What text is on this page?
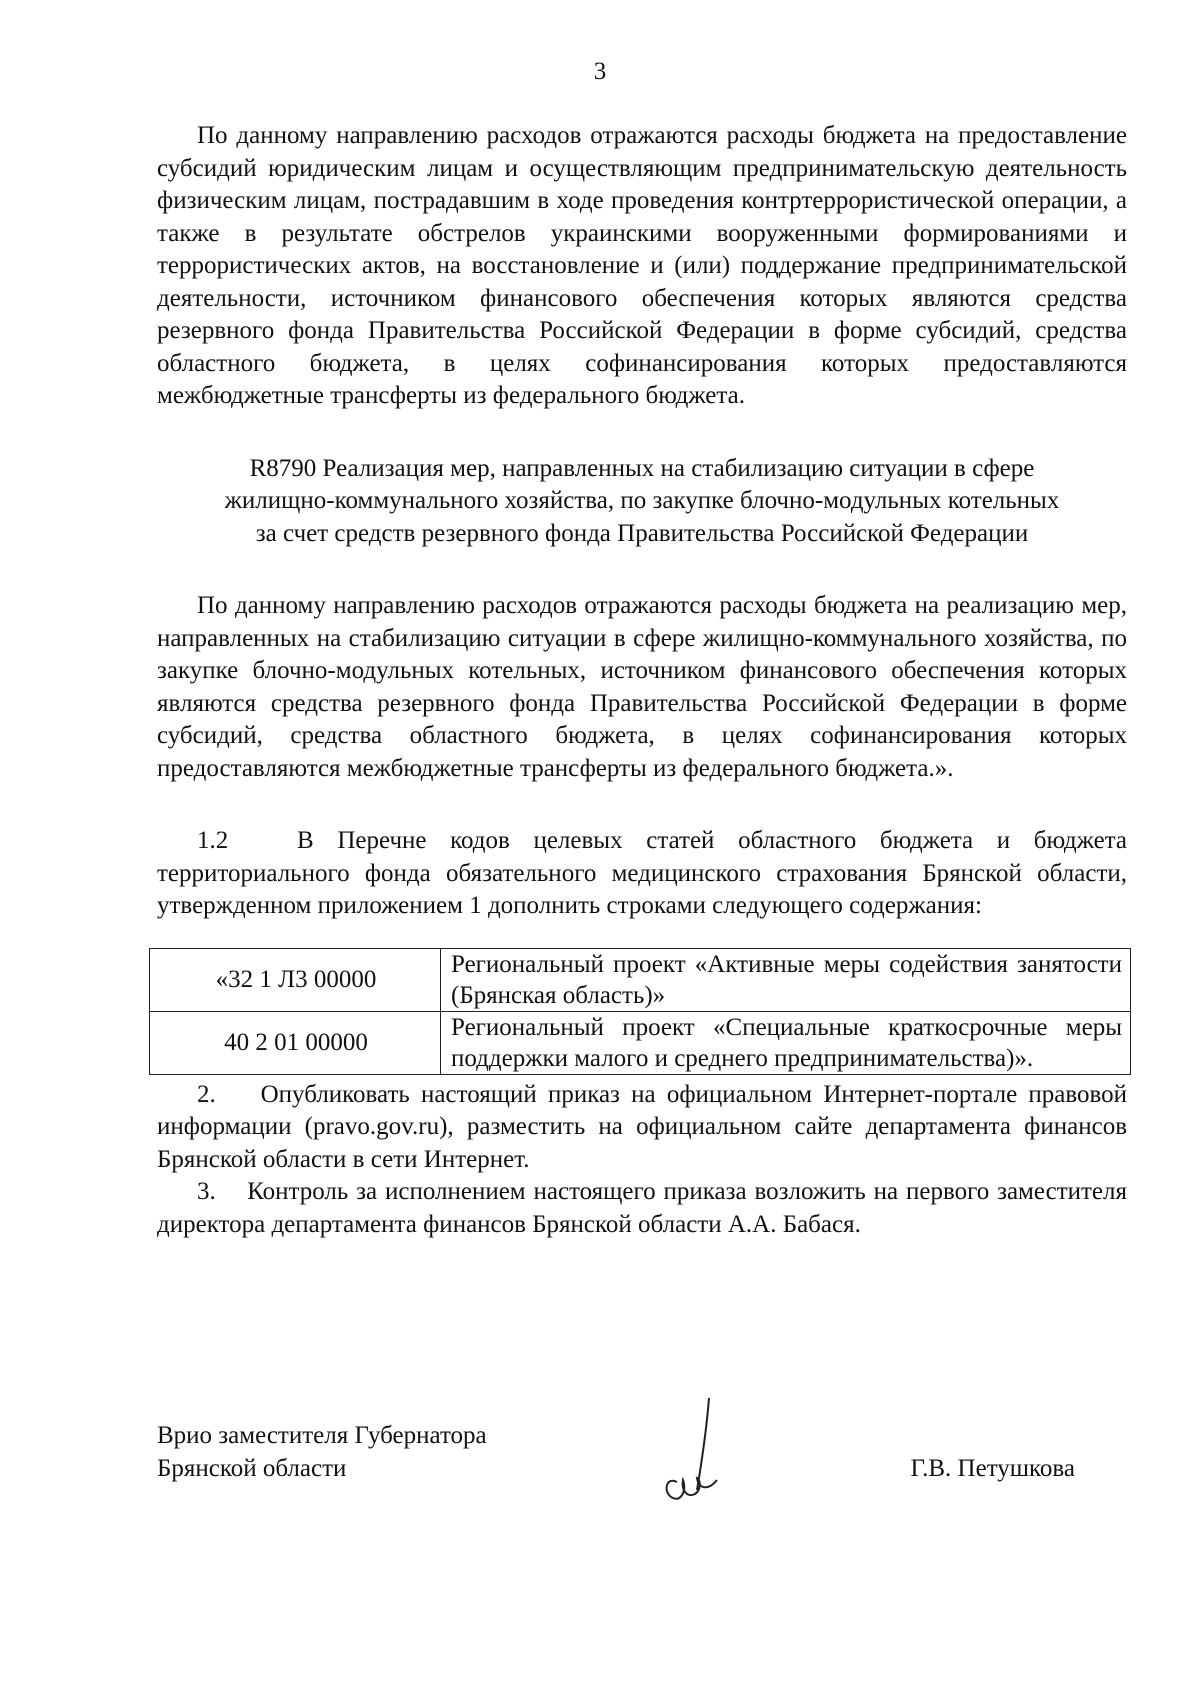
3

По данному направлению расходов отражаются расходы бюджета на предоставление субсидий юридическим лицам и осуществляющим предпринимательскую деятельность физическим лицам, пострадавшим в ходе проведения контртеррористической операции, а также в результате обстрелов украинскими вооруженными формированиями и террористических актов, на восстановление и (или) поддержание предпринимательской деятельности, источником финансового обеспечения которых являются средства резервного фонда Правительства Российской Федерации в форме субсидий, средства областного бюджета, в целях софинансирования которых предоставляются межбюджетные трансферты из федерального бюджета.

R8790 Реализация мер, направленных на стабилизацию ситуации в сфере
жилищно-коммунального хозяйства, по закупке блочно-модульных котельных
за счет средств резервного фонда Правительства Российской Федерации

По данному направлению расходов отражаются расходы бюджета на реализацию мер, направленных на стабилизацию ситуации в сфере жилищно-коммунального хозяйства, по закупке блочно-модульных котельных, источником финансового обеспечения которых являются средства резервного фонда Правительства Российской Федерации в форме субсидий, средства областного бюджета, в целях софинансирования которых предоставляются межбюджетные трансферты из федерального бюджета.».

1.2	В Перечне кодов целевых статей областного бюджета и бюджета территориального фонда обязательного медицинского страхования Брянской области, утвержденном приложением 1 дополнить строками следующего содержания:

«32 1 Л3 00000	Региональный проект «Активные меры содействия занятости (Брянская область)»
40 2 01 00000	Региональный проект «Специальные краткосрочные меры поддержки малого и среднего предпринимательства)».

2. Опубликовать настоящий приказ на официальном Интернет-портале правовой информации (pravo.gov.ru), разместить на официальном сайте департамента финансов Брянской области в сети Интернет.

3. Контроль за исполнением настоящего приказа возложить на первого заместителя директора департамента финансов Брянской области А.А. Бабася.

Врио заместителя Губернатора
Брянской области	Г.В. Петушкова
